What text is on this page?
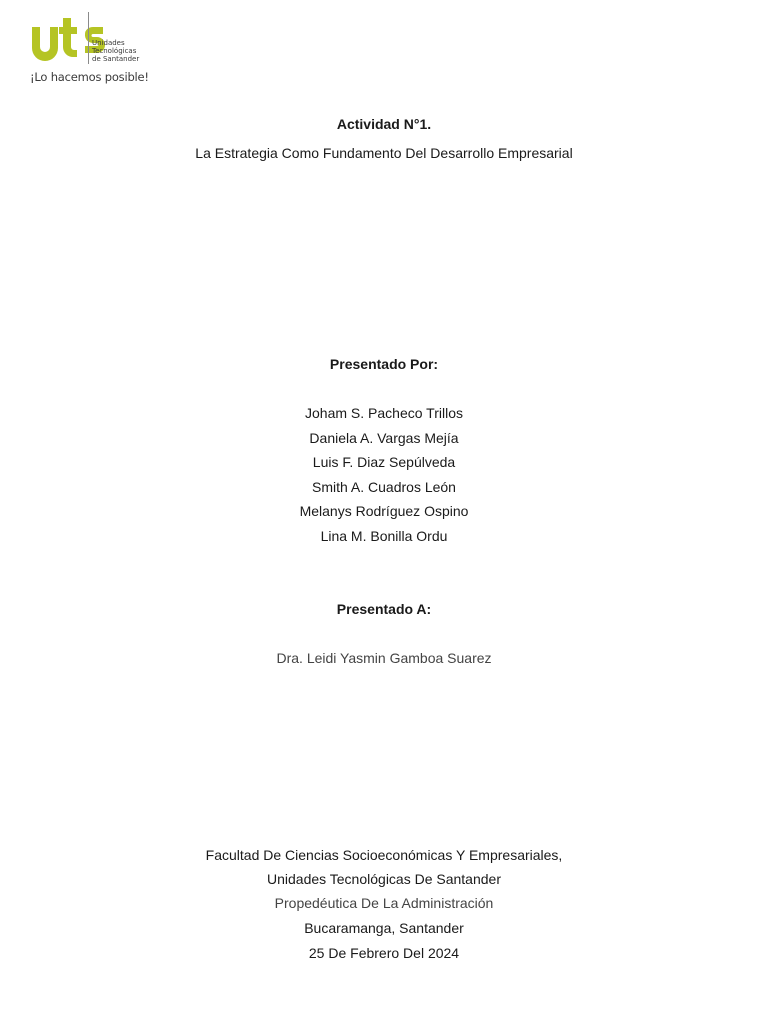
Unidades
Tecnológicas
de Santander
¡Lo hacemos posible!
Actividad N°1.
La Estrategia Como Fundamento Del Desarrollo Empresarial
Presentado Por:
Joham S. Pacheco Trillos
Daniela A. Vargas Mejía
Luis F. Diaz Sepúlveda
Smith A. Cuadros León
Melanys Rodríguez Ospino
Lina M. Bonilla Ordu
Presentado A:
Dra. Leidi Yasmin Gamboa Suarez
Facultad De Ciencias Socioeconómicas Y Empresariales,
Unidades Tecnológicas De Santander
Propedéutica De La Administración
Bucaramanga, Santander
25 De Febrero Del 2024
